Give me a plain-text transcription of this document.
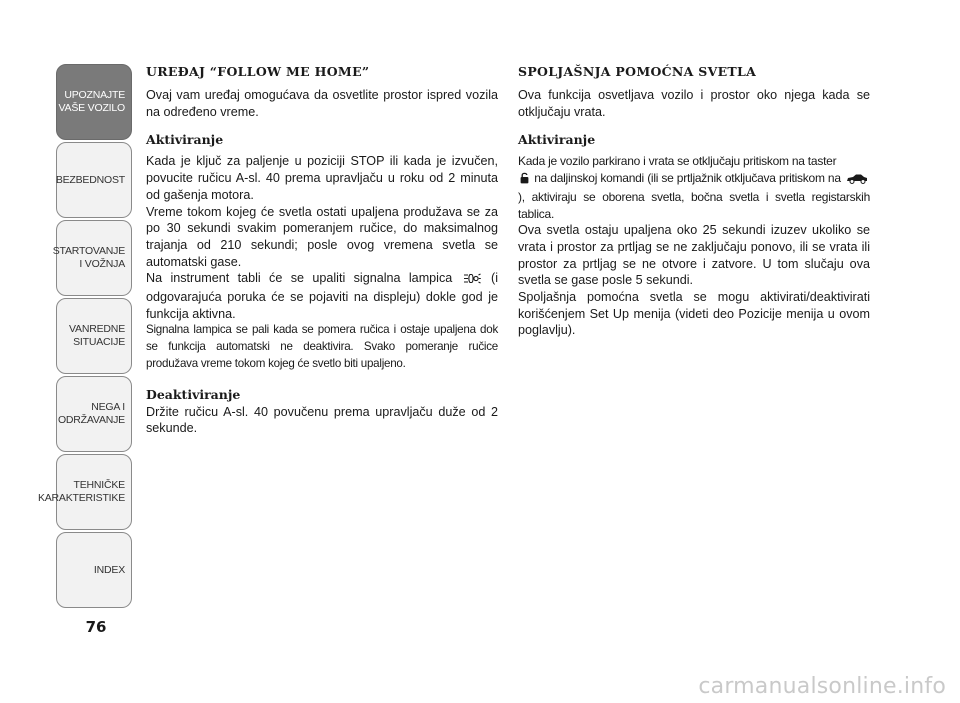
UPOZNAJTE
VAŠE VOZILO
BEZBEDNOST
STARTOVANJE
I VOŽNJA
VANREDNE
SITUACIJE
NEGA I
ODRŽAVANJE
TEHNIČKE
KARAKTERISTIKE
INDEX
76
UREĐAJ “FOLLOW ME HOME”

Ovaj vam uređaj omogućava da osvetlite prostor ispred vozila na određeno vreme.

Aktiviranje

Kada je ključ za paljenje u poziciji STOP ili kada je izvučen, povucite ručicu A-sl. 40 prema upravljaču u roku od 2 minuta od gašenja motora.

Vreme tokom kojeg će svetla ostati upaljena produžava se za po 30 sekundi svakim pomeranjem ručice, do maksimalnog trajanja od 210 sekundi; posle ovog vremena svetla se automatski gase.

Na instrument tabli će se upaliti signalna lampica	(i odgovarajuća poruka će se pojaviti na displeju) dokle god je funkcija aktivna.

Signalna lampica se pali kada se pomera ručica i ostaje upaljena dok se funkcija automatski ne deaktivira. Svako pomeranje ručice produžava vreme tokom kojeg će svetlo biti upaljeno.

Deaktiviranje

Držite ručicu A-sl. 40 povučenu prema upravljaču duže od 2 sekunde.

SPOLJAŠNJA POMOĆNA SVETLA

Ova funkcija osvetljava vozilo i prostor oko njega kada se otključaju vrata.

Aktiviranje

Kada je vozilo parkirano i vrata se otključaju pritiskom na taster
na daljinskoj komandi (ili se prtljažnik otključava pritiskom na  ), aktiviraju se oborena svetla, bočna svetla i svetla registarskih tablica.

Ova svetla ostaju upaljena oko 25 sekundi izuzev ukoliko se vrata i prostor za prtljag se ne zaključaju ponovo, ili se vrata ili prostor za prtljag se ne otvore i zatvore. U tom slučaju ova svetla se gase posle 5 sekundi.

Spoljašnja pomoćna svetla se mogu aktivirati/deaktivirati korišćenjem Set Up menija (videti deo Pozicije menija u ovom poglavlju).

carmanualsonline.info
